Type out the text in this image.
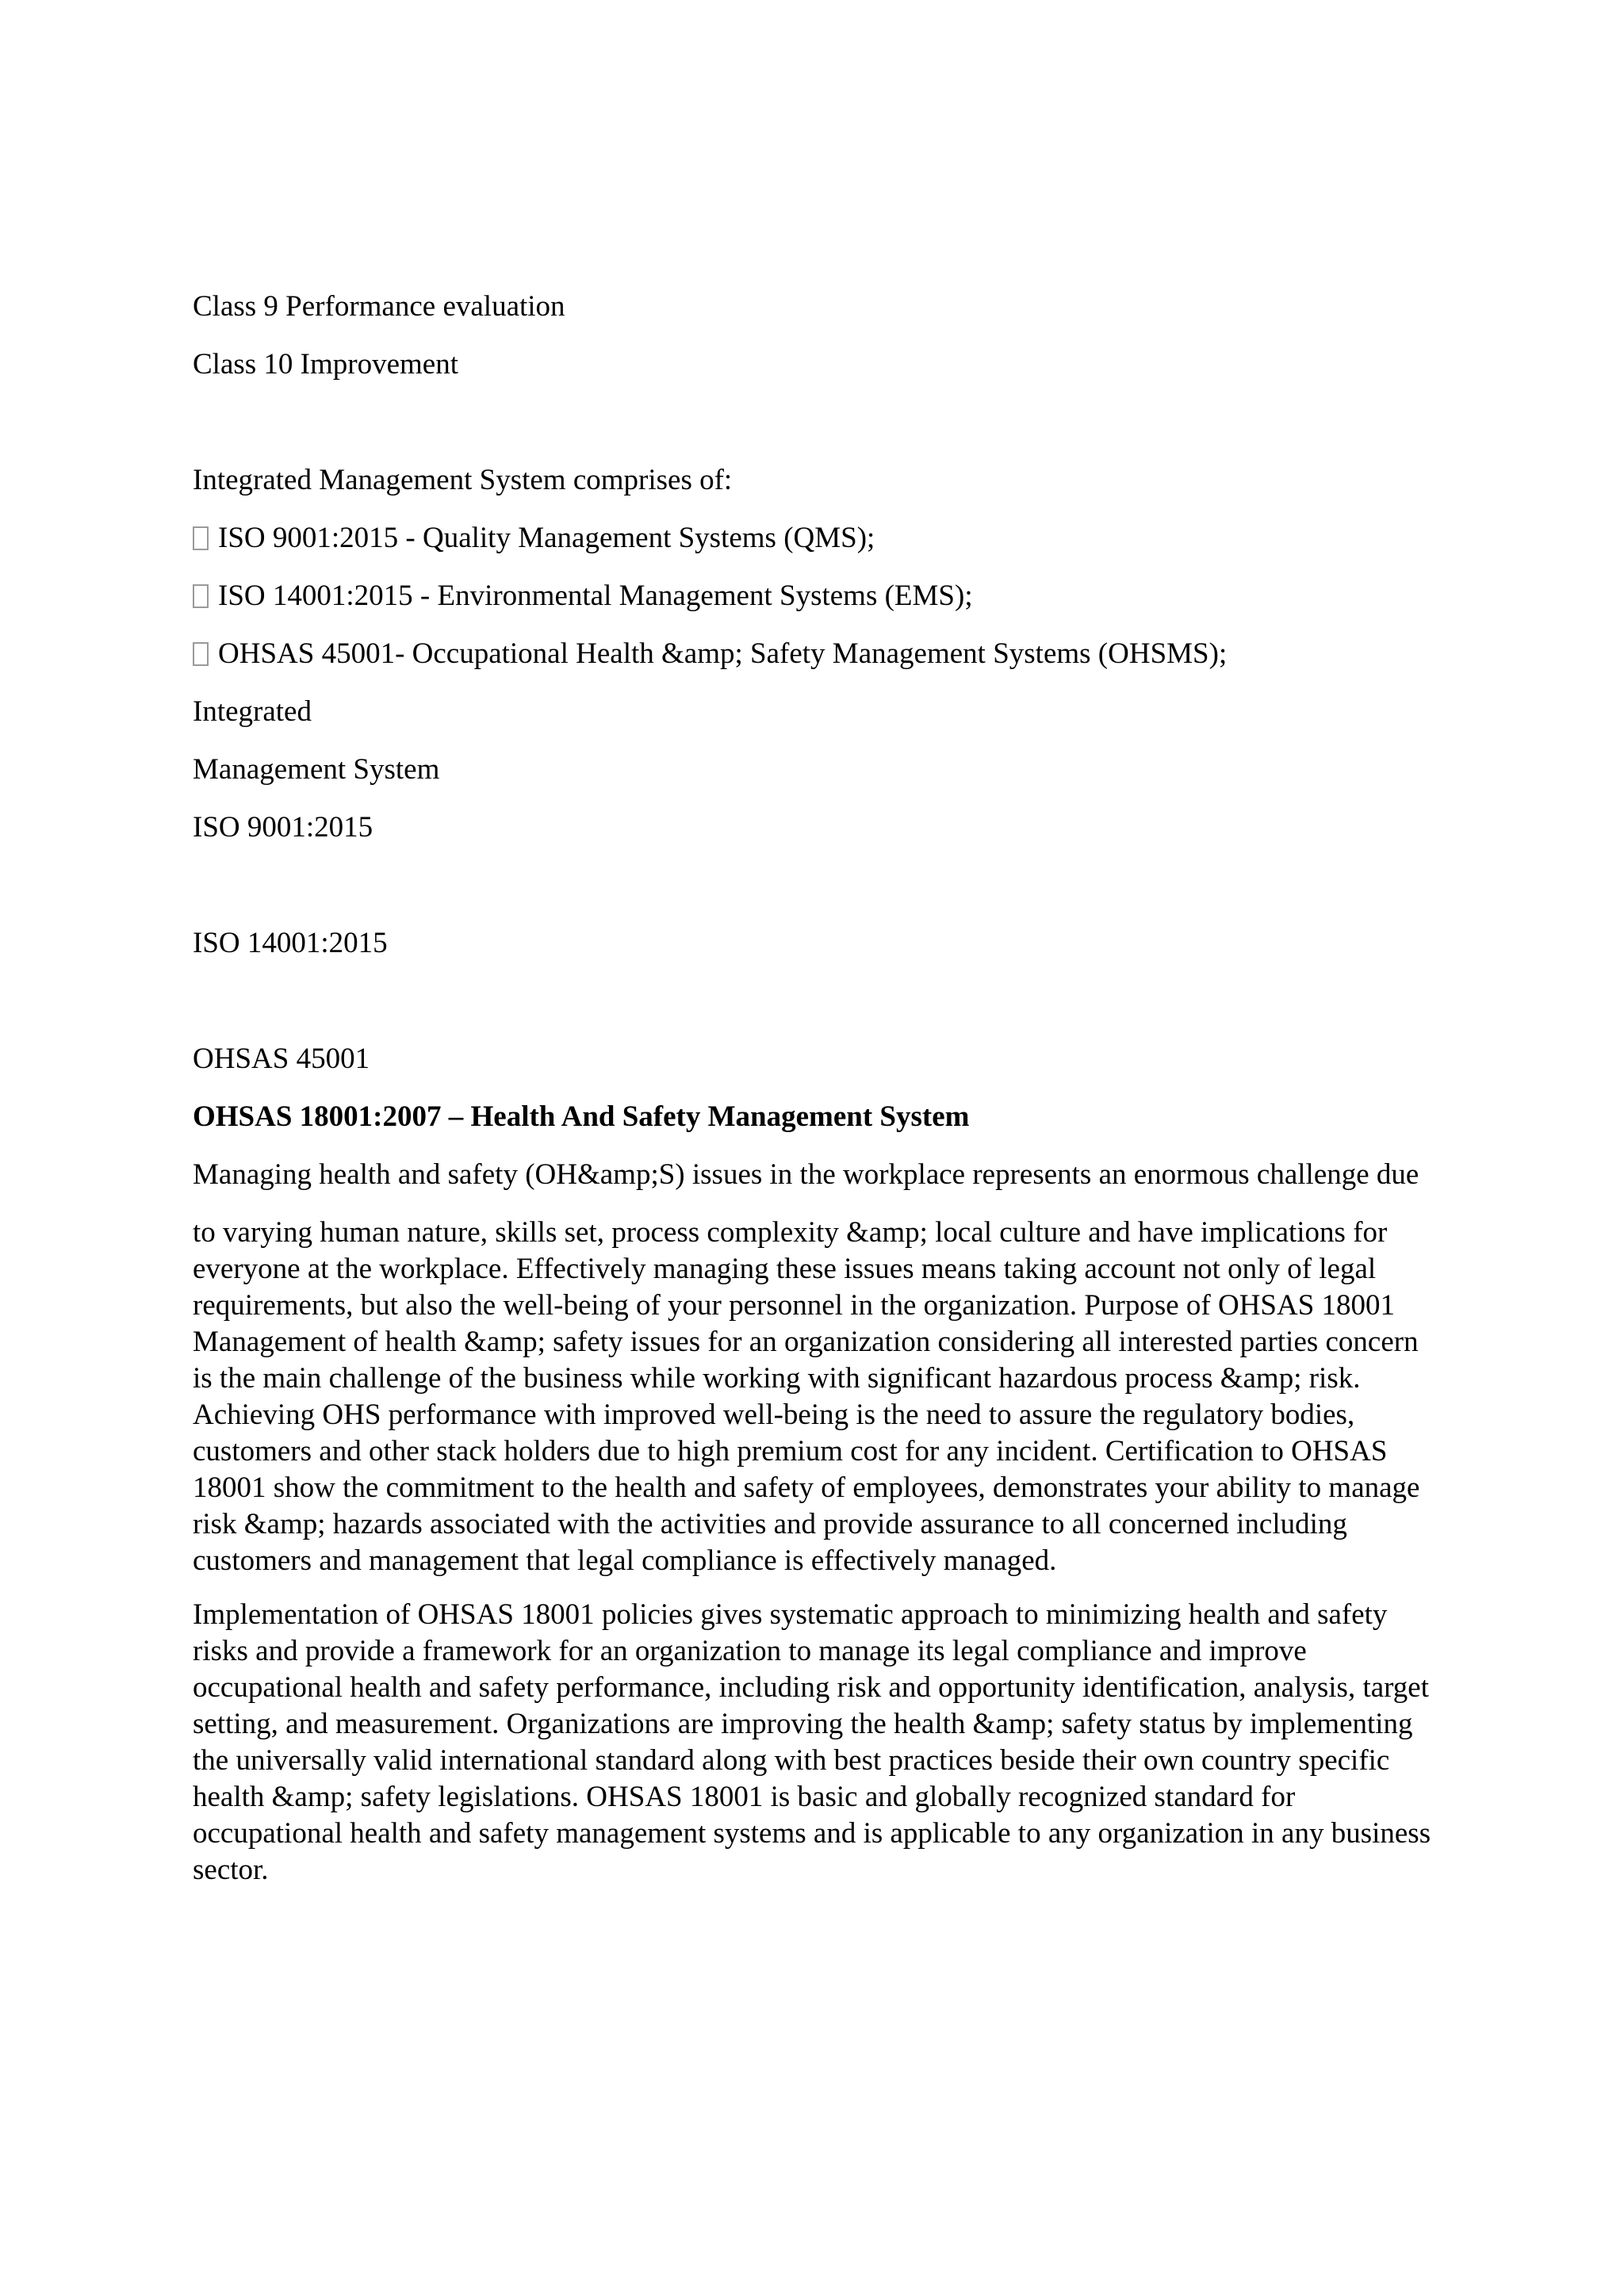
Class 9 Performance evaluation
Class 10 Improvement
Integrated Management System comprises of:
ISO 9001:2015 - Quality Management Systems (QMS);
ISO 14001:2015 - Environmental Management Systems (EMS);
OHSAS 45001- Occupational Health &amp; Safety Management Systems (OHSMS);
Integrated
Management System
ISO 9001:2015
ISO 14001:2015
OHSAS 45001
OHSAS 18001:2007 – Health And Safety Management System
Managing health and safety (OH&amp;S) issues in the workplace represents an enormous challenge due
to varying human nature, skills set, process complexity &amp; local culture and have implications for
everyone at the workplace. Effectively managing these issues means taking account not only of legal
requirements, but also the well-being of your personnel in the organization. Purpose of OHSAS 18001
Management of health &amp; safety issues for an organization considering all interested parties concern
is the main challenge of the business while working with significant hazardous process &amp; risk.
Achieving OHS performance with improved well-being is the need to assure the regulatory bodies,
customers and other stack holders due to high premium cost for any incident. Certification to OHSAS
18001 show the commitment to the health and safety of employees, demonstrates your ability to manage
risk &amp; hazards associated with the activities and provide assurance to all concerned including
customers and management that legal compliance is effectively managed.
Implementation of OHSAS 18001 policies gives systematic approach to minimizing health and safety
risks and provide a framework for an organization to manage its legal compliance and improve
occupational health and safety performance, including risk and opportunity identification, analysis, target
setting, and measurement. Organizations are improving the health &amp; safety status by implementing
the universally valid international standard along with best practices beside their own country specific
health &amp; safety legislations. OHSAS 18001 is basic and globally recognized standard for
occupational health and safety management systems and is applicable to any organization in any business
sector.
